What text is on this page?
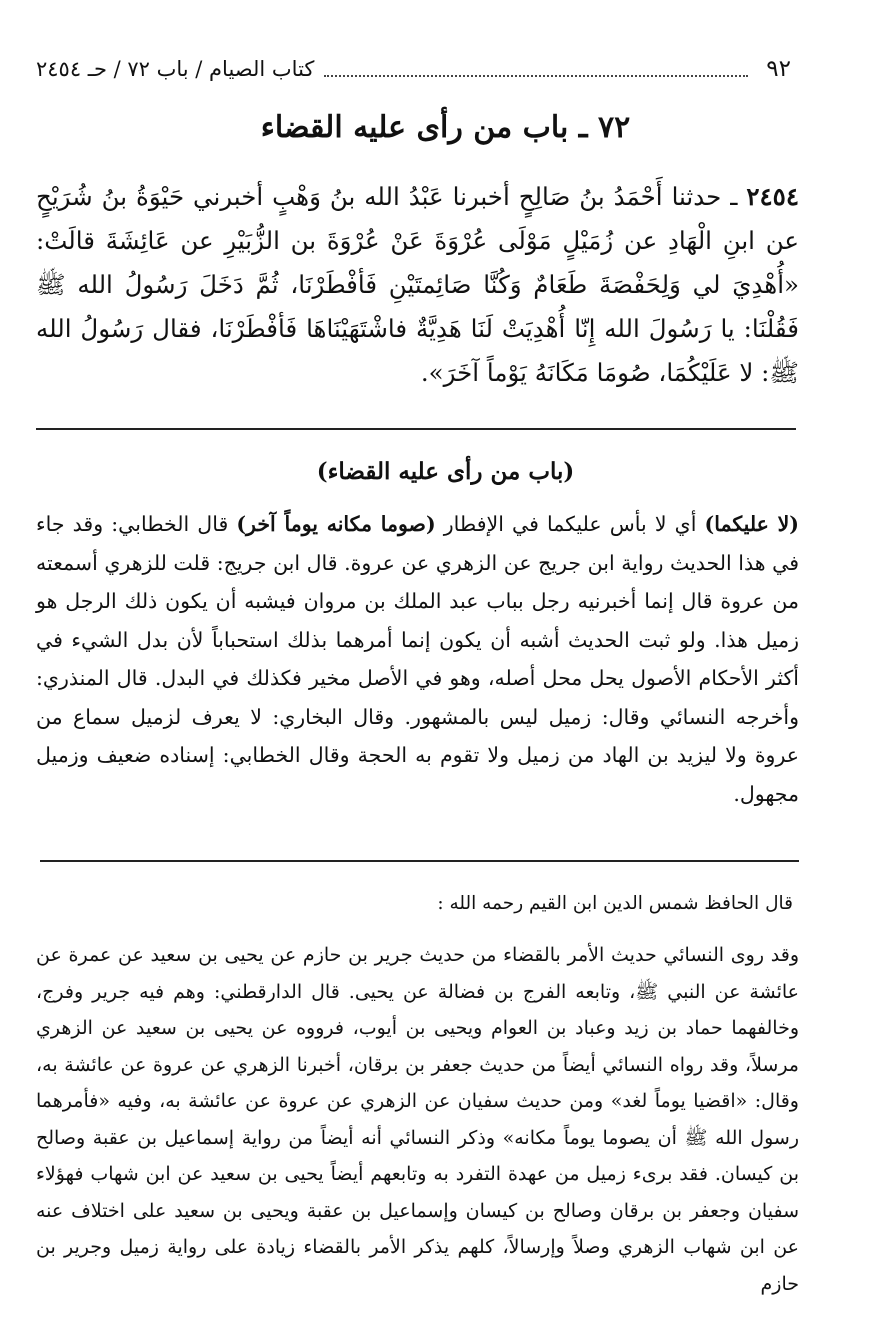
٩٢
كتاب الصيام / باب ٧٢ / حـ ٢٤٥٤
٧٢ ـ باب من رأى عليه القضاء
٢٤٥٤ ـ حدثنا أَحْمَدُ بنُ صَالِحٍ أخبرنا عَبْدُ الله بنُ وَهْبٍ أخبرني حَيْوَةُ بنُ شُرَيْحٍ عن ابنِ الْهَادِ عن زُمَيْلٍ مَوْلَى عُرْوَةَ عَنْ عُرْوَةَ بن الزُّبَيْرِ عن عَائِشَةَ قالَتْ: «أُهْدِيَ لي وَلِحَفْصَةَ طَعَامٌ وَكُنَّا صَائِمتَيْنِ فَأفْطَرْنَا، ثُمَّ دَخَلَ رَسُولُ الله ﷺ فَقُلْنَا: يا رَسُولَ الله إِنّا أُهْدِيَتْ لَنَا هَدِيَّةٌ فاشْتَهَيْنَاهَا فَأفْطَرْنَا، فقال رَسُولُ الله ﷺ: لا عَلَيْكُمَا، صُومَا مَكَانَهُ يَوْماً آخَرَ».
(باب من رأى عليه القضاء)
(لا عليكما) أي لا بأس عليكما في الإفطار (صوما مكانه يوماً آخر) قال الخطابي: وقد جاء في هذا الحديث رواية ابن جريج عن الزهري عن عروة. قال ابن جريج: قلت للزهري أسمعته من عروة قال إنما أخبرنيه رجل بباب عبد الملك بن مروان فيشبه أن يكون ذلك الرجل هو زميل هذا. ولو ثبت الحديث أشبه أن يكون إنما أمرهما بذلك استحباباً لأن بدل الشيء في أكثر الأحكام الأصول يحل محل أصله، وهو في الأصل مخير فكذلك في البدل. قال المنذري: وأخرجه النسائي وقال: زميل ليس بالمشهور. وقال البخاري: لا يعرف لزميل سماع من عروة ولا ليزيد بن الهاد من زميل ولا تقوم به الحجة وقال الخطابي: إسناده ضعيف وزميل مجهول.
قال الحافظ شمس الدين ابن القيم رحمه الله :
وقد روى النسائي حديث الأمر بالقضاء من حديث جرير بن حازم عن يحيى بن سعيد عن عمرة عن عائشة عن النبي ﷺ، وتابعه الفرج بن فضالة عن يحيى. قال الدارقطني: وهم فيه جرير وفرج، وخالفهما حماد بن زيد وعباد بن العوام ويحيى بن أيوب، فرووه عن يحيى بن سعيد عن الزهري مرسلاً، وقد رواه النسائي أيضاً من حديث جعفر بن برقان، أخبرنا الزهري عن عروة عن عائشة به، وقال: «اقضيا يوماً لغد» ومن حديث سفيان عن الزهري عن عروة عن عائشة به، وفيه «فأمرهما رسول الله ﷺ أن يصوما يوماً مكانه» وذكر النسائي أنه أيضاً من رواية إسماعيل بن عقبة وصالح بن كيسان. فقد برىء زميل من عهدة التفرد به وتابعهم أيضاً يحيى بن سعيد عن ابن شهاب فهؤلاء سفيان وجعفر بن برقان وصالح بن كيسان وإسماعيل بن عقبة ويحيى بن سعيد على اختلاف عنه عن ابن شهاب الزهري وصلاً وإرسالاً، كلهم يذكر الأمر بالقضاء زيادة على رواية زميل وجرير بن حازم
